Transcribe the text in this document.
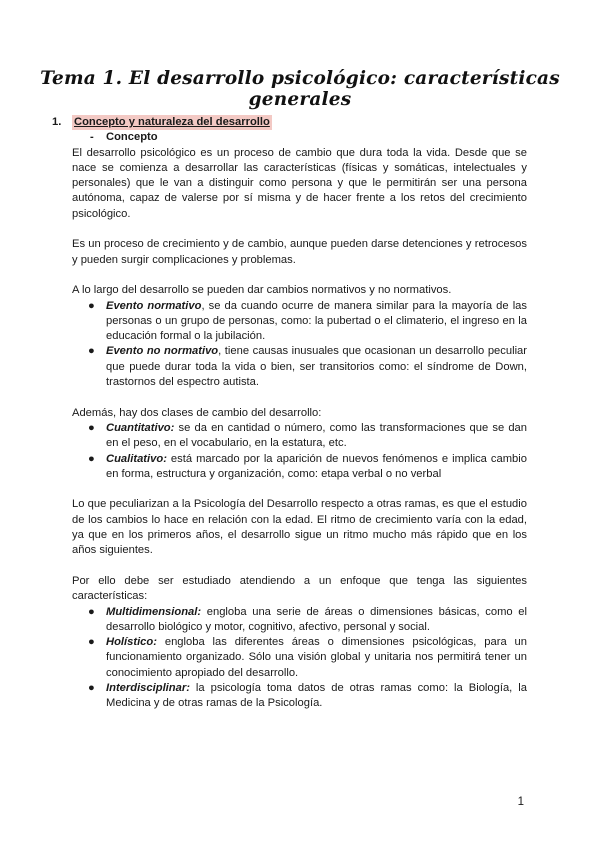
Tema 1. El desarrollo psicológico: características generales
1.	Concepto y naturaleza del desarrollo
-	Concepto

El desarrollo psicológico es un proceso de cambio que dura toda la vida. Desde que se nace se comienza a desarrollar las características (físicas y somáticas, intelectuales y personales) que le van a distinguir como persona y que le permitirán ser una persona autónoma, capaz de valerse por sí misma y de hacer frente a los retos del crecimiento psicológico.

Es un proceso de crecimiento y de cambio, aunque pueden darse detenciones y retrocesos y pueden surgir complicaciones y problemas.

A lo largo del desarrollo se pueden dar cambios normativos y no normativos.

● Evento normativo, se da cuando ocurre de manera similar para la mayoría de las personas o un grupo de personas, como: la pubertad o el climaterio, el ingreso en la educación formal o la jubilación.
● Evento no normativo, tiene causas inusuales que ocasionan un desarrollo peculiar que puede durar toda la vida o bien, ser transitorios como: el síndrome de Down, trastornos del espectro autista.

Además, hay dos clases de cambio del desarrollo:

● Cuantitativo: se da en cantidad o número, como las transformaciones que se dan en el peso, en el vocabulario, en la estatura, etc.
● Cualitativo: está marcado por la aparición de nuevos fenómenos e implica cambio en forma, estructura y organización, como: etapa verbal o no verbal

Lo que peculiarizan a la Psicología del Desarrollo respecto a otras ramas, es que el estudio de los cambios lo hace en relación con la edad. El ritmo de crecimiento varía con la edad, ya que en los primeros años, el desarrollo sigue un ritmo mucho más rápido que en los años siguientes.

Por ello debe ser estudiado atendiendo a un enfoque que tenga las siguientes características:

● Multidimensional: engloba una serie de áreas o dimensiones básicas, como el desarrollo biológico y motor, cognitivo, afectivo, personal y social.
● Holístico: engloba las diferentes áreas o dimensiones psicológicas, para un funcionamiento organizado. Sólo una visión global y unitaria nos permitirá tener un conocimiento apropiado del desarrollo.
● Interdisciplinar: la psicología toma datos de otras ramas como: la Biología, la Medicina y de otras ramas de la Psicología.
1
